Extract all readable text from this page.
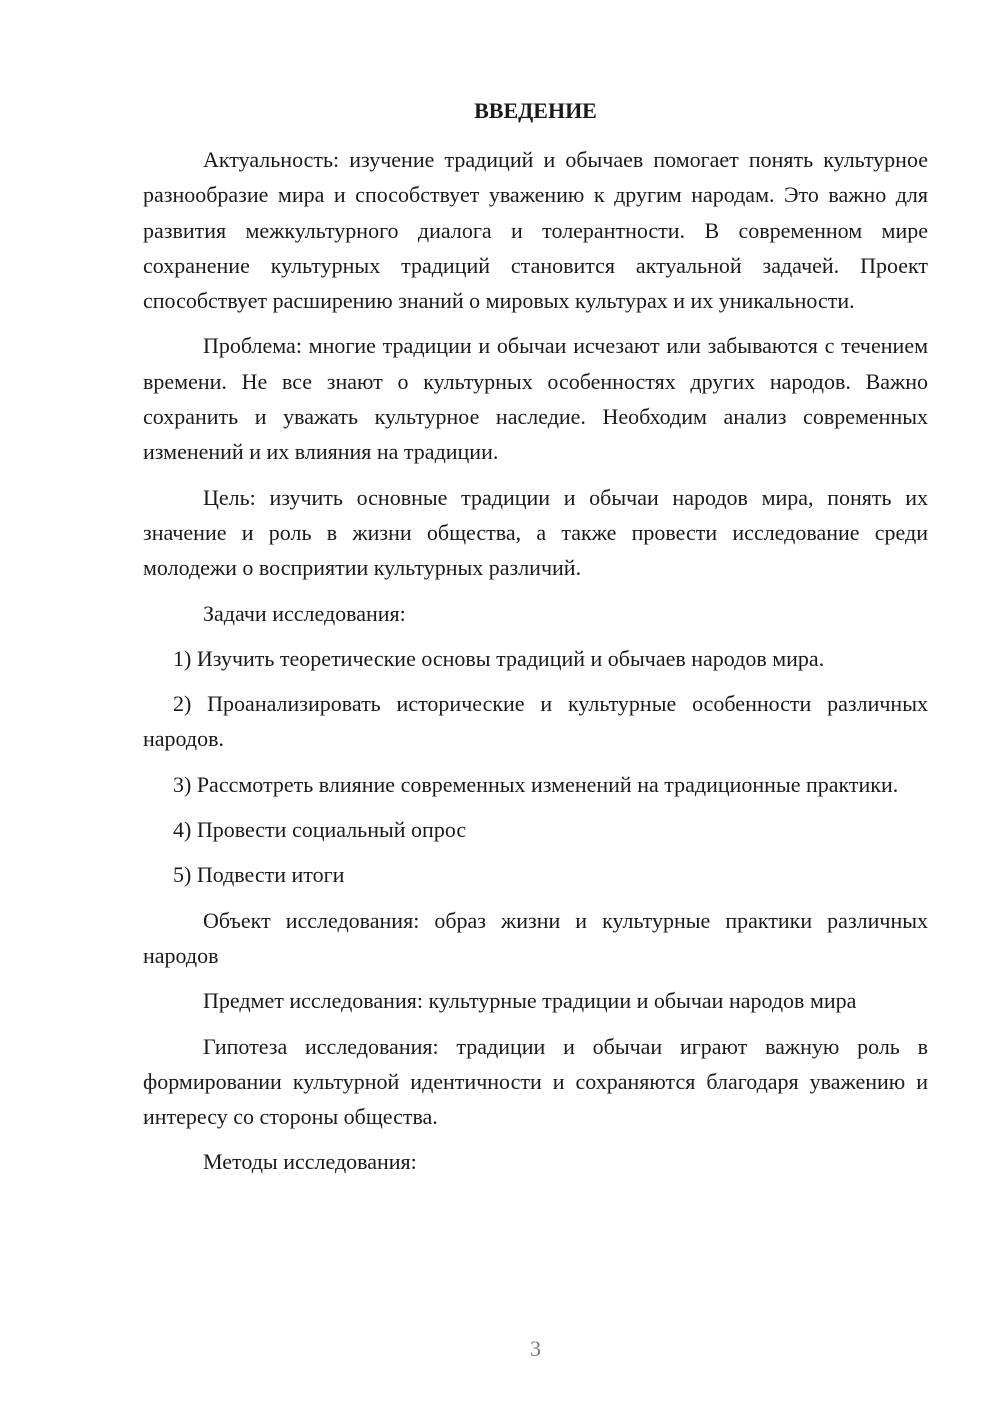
ВВЕДЕНИЕ

Актуальность: изучение традиций и обычаев помогает понять культурное разнообразие мира и способствует уважению к другим народам. Это важно для развития межкультурного диалога и толерантности. В современном мире сохранение культурных традиций становится актуальной задачей. Проект способствует расширению знаний о мировых культурах и их уникальности.

Проблема: многие традиции и обычаи исчезают или забываются с течением времени. Не все знают о культурных особенностях других народов. Важно сохранить и уважать культурное наследие. Необходим анализ современных изменений и их влияния на традиции.

Цель: изучить основные традиции и обычаи народов мира, понять их значение и роль в жизни общества, а также провести исследование среди молодежи о восприятии культурных различий.

Задачи исследования:

1) Изучить теоретические основы традиций и обычаев народов мира.

2) Проанализировать исторические и культурные особенности различных народов.

3) Рассмотреть влияние современных изменений на традиционные практики.

4) Провести социальный опрос

5) Подвести итоги

Объект исследования: образ жизни и культурные практики различных народов

Предмет исследования: культурные традиции и обычаи народов мира

Гипотеза исследования: традиции и обычаи играют важную роль в формировании культурной идентичности и сохраняются благодаря уважению и интересу со стороны общества.

Методы исследования:

3
